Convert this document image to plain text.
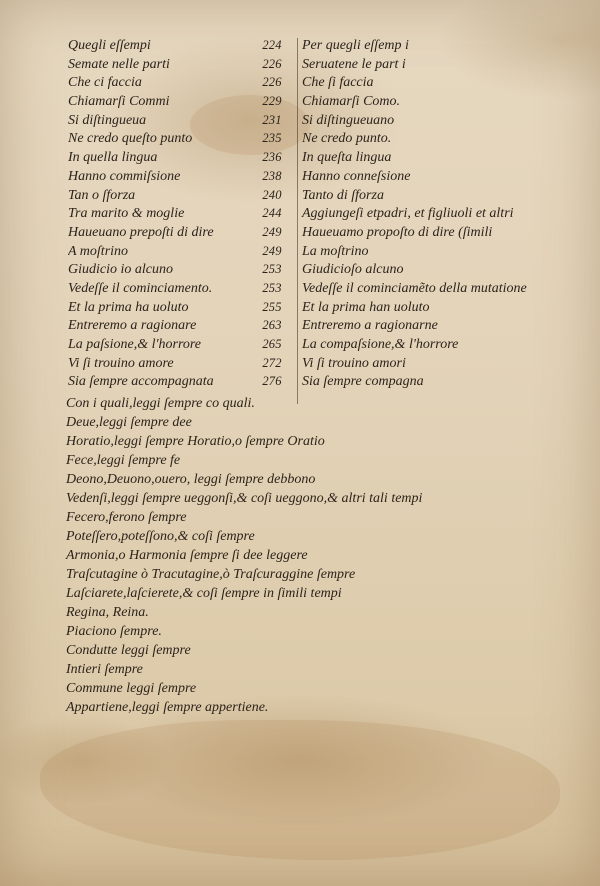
Quegli eſſempi	224	Per quegli eſſemp i
Semate nelle parti	226	Seruatene le part i
Che ci faccia	226	Che ſi faccia
Chiamarſi Commi	229	Chiamarſi Como.
Si diſtingueua	231	Si diſtingueuano
Ne credo queſto punto	235	Ne credo punto.
In quella lingua	236	In queſta lingua
Hanno commiſsione	238	Hanno conneſsione
Tan o ſforza	240	Tanto di ſforza
Tra marito & moglie	244	Aggiungeſi etpadri, et figliuoli et altri
Haueuano prepoſti di dire	249	Haueuamo propoſto di dire (ſimili
A moſtrino	249	La moſtrino
Giudicio io alcuno	253	Giudicioſo alcuno
Vedeſſe il cominciamento.	253	Vedeſſe il cominciamẽto della mutatione
Et la prima ha uoluto	255	Et la prima han uoluto
Entreremo a ragionare	263	Entreremo a ragionarne
La paſsione,& l'horrore	265	La compaſsione,& l'horrore
Vi ſi trouino amore	272	Vi ſi trouino amori
Sia ſempre accompagnata	276	Sia ſempre compagna
Con i quali,leggi ſempre co quali.
Deue,leggi ſempre dee
Horatio,leggi ſempre Horatio,o ſempre Oratio
Fece,leggi ſempre fe
Deono,Deuono,ouero, leggi ſempre debbono
Vedenſi,leggi ſempre ueggonſi,& coſi ueggono,& altri tali tempi
Fecero,ferono ſempre
Poteſſero,poteſſono,& coſi ſempre
Armonia,o Harmonia ſempre ſi dee leggere
Traſcutagine ò Tracutagine,ò Traſcuraggine ſempre
Laſciarete,laſcierete,& coſi ſempre in ſimili tempi
Regina, Reina.
Piaciono ſempre.
Condutte leggi ſempre
Intieri ſempre
Commune leggi ſempre
Appartiene,leggi ſempre appertiene.
